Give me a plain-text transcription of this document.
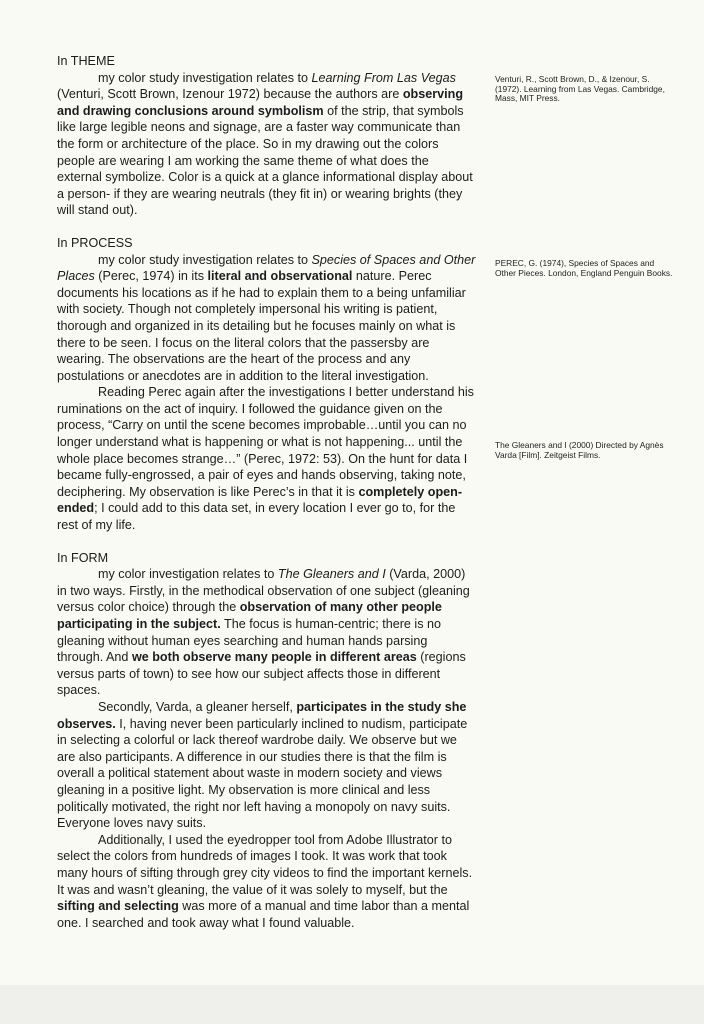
In THEME

my color study investigation relates to Learning From Las Vegas (Venturi, Scott Brown, Izenour 1972) because the authors are observing and drawing conclusions around symbolism of the strip, that symbols like large legible neons and signage, are a faster way communicate than the form or architecture of the place. So in my drawing out the colors people are wearing I am working the same theme of what does the external symbolize. Color is a quick at a glance informational display about a person- if they are wearing neutrals (they fit in) or wearing brights (they will stand out).

In PROCESS

my color study investigation relates to Species of Spaces and Other Places (Perec, 1974) in its literal and observational nature. Perec documents his locations as if he had to explain them to a being unfamiliar with society. Though not completely impersonal his writing is patient, thorough and organized in its detailing but he focuses mainly on what is there to be seen. I focus on the literal colors that the passersby are wearing. The observations are the heart of the process and any postulations or anecdotes are in addition to the literal investigation.

Reading Perec again after the investigations I better understand his ruminations on the act of inquiry. I followed the guidance given on the process, “Carry on until the scene becomes improbable…until you can no longer understand what is happening or what is not happening... until the whole place becomes strange…” (Perec, 1972: 53). On the hunt for data I became fully-engrossed, a pair of eyes and hands observing, taking note, deciphering. My observation is like Perec’s in that it is completely open-ended; I could add to this data set, in every location I ever go to, for the rest of my life.

In FORM

my color investigation relates to The Gleaners and I (Varda, 2000) in two ways. Firstly, in the methodical observation of one subject (gleaning versus color choice) through the observation of many other people participating in the subject. The focus is human-centric; there is no gleaning without human eyes searching and human hands parsing through. And we both observe many people in different areas (regions versus parts of town) to see how our subject affects those in different spaces.

Secondly, Varda, a gleaner herself, participates in the study she observes. I, having never been particularly inclined to nudism, participate in selecting a colorful or lack thereof wardrobe daily. We observe but we are also participants. A difference in our studies there is that the film is overall a political statement about waste in modern society and views gleaning in a positive light. My observation is more clinical and less politically motivated, the right nor left having a monopoly on navy suits. Everyone loves navy suits.

Additionally, I used the eyedropper tool from Adobe Illustrator to select the colors from hundreds of images I took. It was work that took many hours of sifting through grey city videos to find the important kernels. It was and wasn’t gleaning, the value of it was solely to myself, but the sifting and selecting was more of a manual and time labor than a mental one. I searched and took away what I found valuable.

Venturi, R., Scott Brown, D., & Izenour, S. (1972). Learning from Las Vegas. Cambridge, Mass, MIT Press.
PEREC, G. (1974), Species of Spaces and Other Pieces. London, England Penguin Books.
The Gleaners and I (2000) Directed by Agnès Varda [Film]. Zeitgeist Films.
